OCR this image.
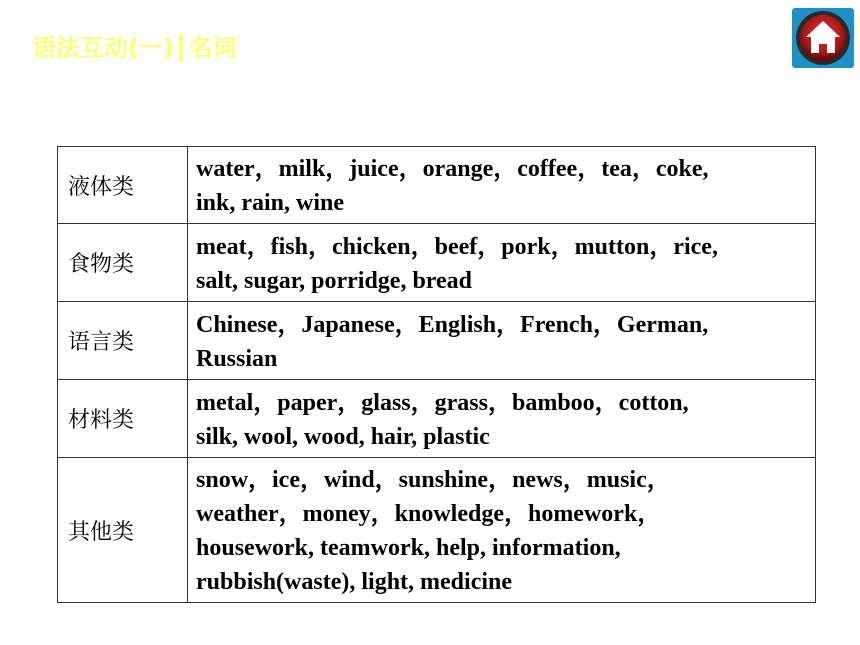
语法互动(一)┃名词
液体类	water，milk，juice，orange，coffee，tea，coke,
ink, rain, wine

食物类	meat，fish，chicken，beef，pork，mutton，rice,
salt, sugar, porridge, bread

语言类	Chinese，Japanese，English，French，German,
Russian

材料类	metal，paper，glass，grass，bamboo，cotton,
silk, wool, wood, hair, plastic

其他类	snow，ice，wind，sunshine，news，music，
weather，money，knowledge，homework，
housework, teamwork, help, information,
rubbish(waste), light, medicine
